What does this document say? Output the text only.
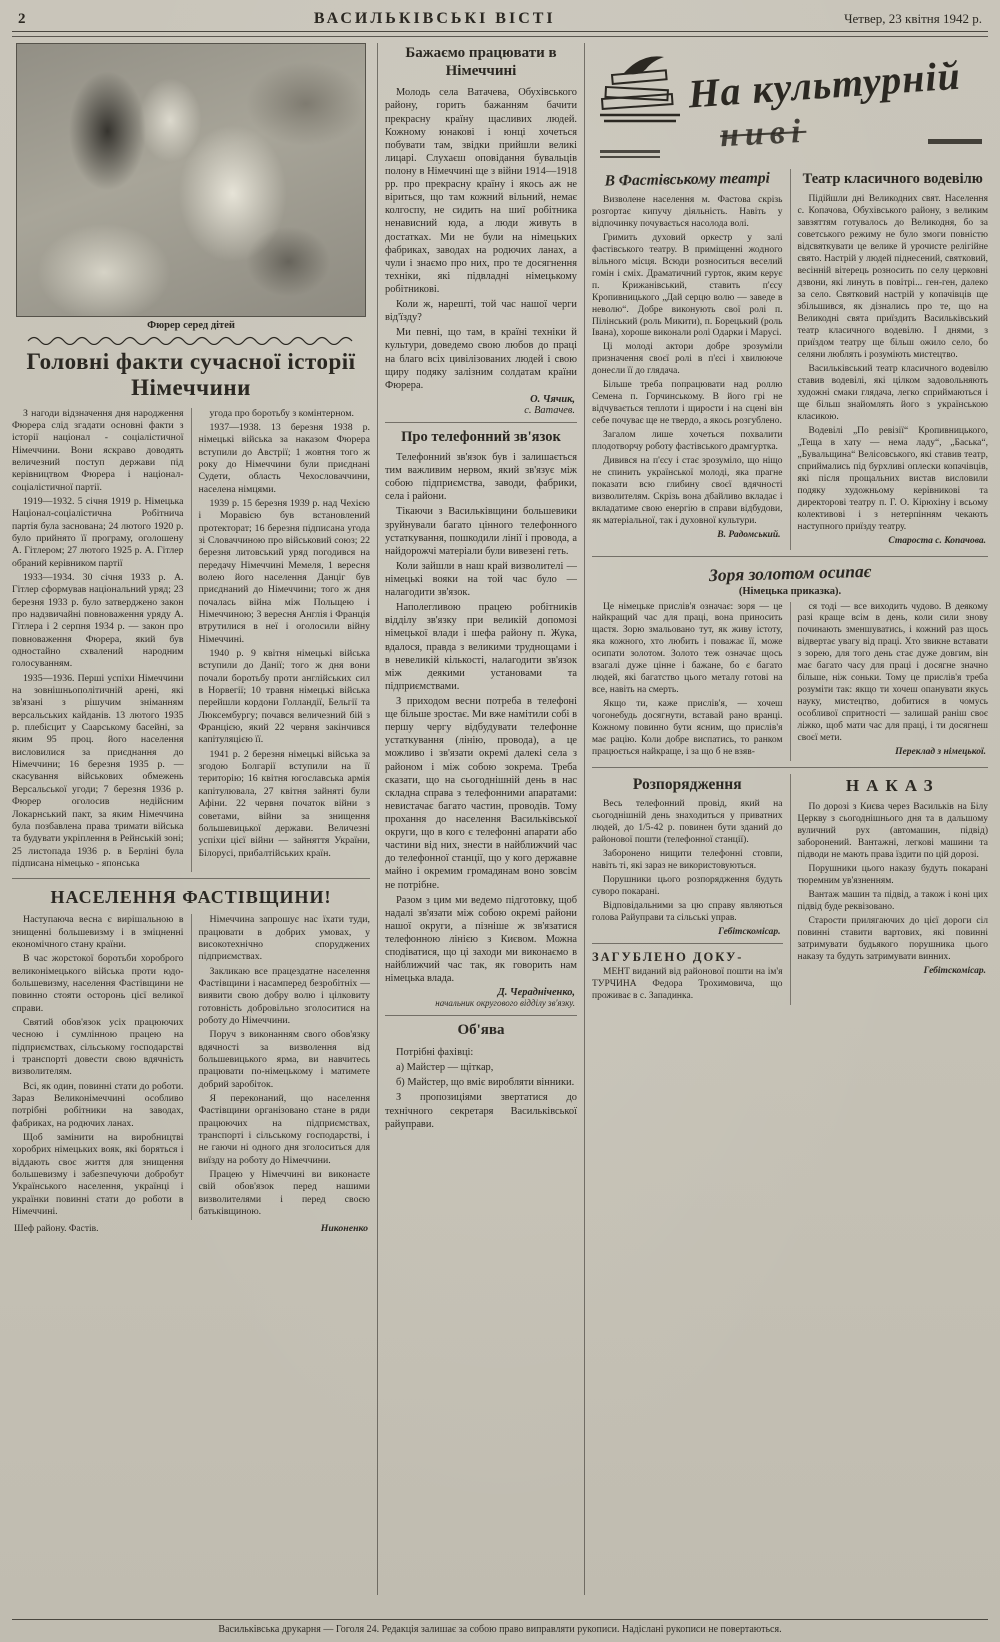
2	ВАСИЛЬКІВСЬКІ ВІСТІ	Четвер, 23 квітня 1942 р.
Фюрер серед дітей
Головні факти сучасної історії Німеччини

З нагоди відзначення дня народження Фюрера слід згадати основні факти з історії націонал - соціалістичної Німеччини. Вони яскраво доводять величезний поступ держави під керівництвом Фюрера і націонал-соціалістичної партії.

1919—1932. 5 січня 1919 р. Німецька Націонал-соціалістична Робітнича партія була заснована; 24 лютого 1920 р. було прийнято її програму, оголошену А. Гітлером; 27 лютого 1925 р. А. Гітлер обраний керівником партії

1933—1934. 30 січня 1933 р. А. Гітлер сформував національний уряд; 23 березня 1933 р. було затверджено закон про надзвичайні повноваження уряду А. Гітлера і 2 серпня 1934 р. — закон про повноваження Фюрера, який був одностайно схвалений народним голосуванням.

1935—1936. Перші успіхи Німеччини на зовнішньополітичній арені, які зв'язані з рішучим зніманням версальських кайданів. 13 лютого 1935 р. плебісцит у Саарському басейні, за яким 95 проц. його населення висловилися за приєднання до Німеччини; 16 березня 1935 р. — скасування військових обмежень Версальської угоди; 7 березня 1936 р. Фюрер оголосив недійсним Локарнський пакт, за яким Німеччина була позбавлена права тримати війська та будувати укріплення в Рейнській зоні; 25 листопада 1936 р. в Берліні була підписана німецько - японська

угода про боротьбу з комінтерном.

1937—1938. 13 березня 1938 р. німецькі війська за наказом Фюрера вступили до Австрії; 1 жовтня того ж року до Німеччини були приєднані Судети, область Чехословаччини, населена німцями.

1939 р. 15 березня 1939 р. над Чехією і Моравією був встановлений протекторат; 16 березня підписана угода зі Словаччиною про військовий союз; 22 березня литовський уряд погодився на передачу Німеччині Мемеля, 1 вересня волею його населення Данціг був приєднаний до Німеччини; того ж дня почалась війна між Польщею і Німеччиною; 3 вересня Англія і Франція втрутилися в неї і оголосили війну Німеччині.

1940 р. 9 квітня німецькі війська вступили до Данії; того ж дня вони почали боротьбу проти англійських сил в Норвегії; 10 травня німецькі війська перейшли кордони Голландії, Бельгії та Люксембургу; почався величезний бій з Францією, який 22 червня закінчився капітуляцією її.

1941 р. 2 березня німецькі війська за згодою Болгарії вступили на її територію; 16 квітня югославська армія капітулювала, 27 квітня зайняті були Афіни. 22 червня початок війни з советами, війни за знищення большевицької держави. Величезні успіхи цієї війни — зайняття України, Білорусі, прибалтійських країн.

НАСЕЛЕННЯ ФАСТІВЩИНИ!

Наступаюча весна є вирішальною в знищенні большевизму і в зміцненні економічного стану країни.

В час жорстокої боротьби хороброго великонімецького війська проти юдо-большевизму, населення Фастівщини не повинно стояти осторонь цієї великої справи.

Святий обов'язок усіх працюючих чесною і сумлінною працею на підприємствах, сільському господарстві і транспорті довести свою вдячність визволителям.

Всі, як один, повинні стати до роботи. Зараз Великонімеччині особливо потрібні робітники на заводах, фабриках, на родючих ланах.

Щоб замінити на виробництві хоробрих німецьких вояк, які боряться і віддають своє життя для знищення большевизму і забезпечуючи добробут Українського населення, українці і українки повинні стати до роботи в Німеччині.

Німеччина запрошує нас їхати туди, працювати в добрих умовах, у високотехнічно споруджених підприємствах.

Закликаю все працездатне населення Фастівщини і насамперед безробітніх — виявити свою добру волю і цілковиту готовність добровільно зголоситися на роботу до Німеччини.

Поруч з виконанням свого обов'язку вдячності за визволення від большевицького ярма, ви навчитесь працювати по-німецькому і матимете добрий заробіток.

Я переконаний, що населення Фастівщини організовано стане в ряди працюючих на підприємствах, транспорті і сільському господарстві, і не гаючи ні одного дня зголоситься для виїзду на роботу до Німеччини.

Працею у Німеччині ви виконаєте свій обов'язок перед нашими визволителями і перед своєю батьківщиною.

Шеф району. Фастів.	Никоненко
Бажаємо працювати в Німеччині

Молодь села Ватачева, Обухівського району, горить бажанням бачити прекрасну країну щасливих людей. Кожному юнакові і юнці хочеться побувати там, звідки прийшли великі лицарі. Слухаєш оповідання бувальців полону в Німеччині ще з війни 1914—1918 рр. про прекрасну країну і якось аж не віриться, що там кожний вільний, немає колгоспу, не сидить на шиї робітника ненависний юда, а люди живуть в достатках. Ми не були на німецьких фабриках, заводах на родючих ланах, а чули і знаємо про них, про те досягнення техніки, які підвладні німецькому робітникові.

Коли ж, нарешті, той час нашої черги від'їзду?

Ми певні, що там, в країні техніки й культури, доведемо свою любов до праці на благо всіх цивілізованих людей і свою щиру подяку залізним солдатам країни Фюрера.

О. Чячик,
с. Ватачев.
Про телефонний зв'язок

Телефонний зв'язок був і залишається тим важливим нервом, який зв'язує між собою підприємства, заводи, фабрики, села і райони.

Тікаючи з Васильківщини большевики зруйнували багато цінного телефонного устаткування, пошкодили лінії і провода, а найдорожчі матеріали були вивезені геть.

Коли зайшли в наш край визволителі — німецькі вояки на той час було — налагодити зв'язок.

Наполегливою працею робітників відділу зв'язку при великій допомозі німецької влади і шефа району п. Жука, вдалося, правда з великими труднощами і в невеликій кількості, налагодити зв'язок між деякими установами та підприємствами.

З приходом весни потреба в телефоні ще більше зростає. Ми вже намітили собі в першу чергу відбудувати телефонне устаткування (лінію, провода), а це можливо і зв'язати окремі далекі села з районом і між собою зокрема. Треба сказати, що на сьогоднішній день в нас складна справа з телефонними апаратами: невистачає багато частин, проводів. Тому прохання до населення Васильківської округи, що в кого є телефонні апарати або частини від них, знести в найближчий час до телефонної станції, що у кого державне майно і окремим громадянам воно зовсім не потрібне.

Разом з цим ми ведемо підготовку, щоб надалі зв'язати між собою окремі райони нашої округи, а пізніше ж зв'язатися телефонною лінією з Києвом. Можна сподіватися, що ці заходи ми виконаємо в найближчий час так, як говорить нам німецька влада.

Д. Черадніченко,
начальник округового відділу зв'язку.
Об'ява

Потрібні фахівці:

а) Майстер — щіткар,

б) Майстер, що вміє виробляти вінники.

З пропозиціями звертатися до технічного секретаря Васильківської райуправи.

На культурній
ниві
В Фастівському театрі

Визволене населення м. Фастова скрізь розгортає кипучу діяльність. Навіть у відпочинку почувається насолода волі.

Гримить духовий оркестр у залі фастівського театру. В приміщенні жодного вільного місця. Всюди розноситься веселий гомін і сміх. Драматичний гурток, яким керує п. Крижанівський, ставить п'єсу Кропивницького „Дай серцю волю — заведе в неволю“. Добре виконують свої ролі п. Пілінський (роль Микити), п. Борецький (роль Івана), хороше виконали ролі Одарки і Марусі.

Ці молоді актори добре зрозуміли призначення своєї ролі в п'єсі і хвилююче донесли її до глядача.

Більше треба попрацювати над роллю Семена п. Горчинському. В його грі не відчувається теплоти і щирости і на сцені він себе почуває ще не твердо, а якось розгублено.

Загалом лише хочеться похвалити плодотворчу роботу фастівського драмгуртка.

Дивився на п'єсу і стає зрозуміло, що ніщо не спинить української молоді, яка прагне показати всю глибину своєї вдячності визволителям. Скрізь вона дбайливо вкладає і вкладатиме свою енергію в справи відбудови, як матеріальної, так і духовної культури.

В. Радомський.
Театр класичного водевілю

Підійшли дні Великодних свят. Населення с. Копачова, Обухівського району, з великим завзяттям готувалось до Великодня, бо за советського режиму не було змоги повністю відсвяткувати це велике й урочисте релігійне свято. Настрій у людей піднесений, святковий, весінній вітерець розносить по селу церковні дзвони, які линуть в повітрі... ген-ген, далеко за село. Святковий настрій у копачівців ще збільшився, як дізнались про те, що на Великодні свята приїздить Васильківський театр класичного водевілю. І днями, з приїздом театру ще більш ожило село, бо селяни люблять і розуміють мистецтво.

Васильківський театр класичного водевілю ставив водевілі, які цілком задовольняють художні смаки глядача, легко сприймаються і ще більш знайомлять його з українською класикою.

Водевілі „По ревізії“ Кропивницького, „Теща в хату — нема ладу“, „Баська“, „Бувальщина“ Велісовського, які ставив театр, сприймались під бурхливі оплески копачівців, які після прощальних вистав висловили подяку художньому керівникові та директорові театру п. Г. О. Кірюхіну і всьому колективові і з нетерпінням чекають наступного приїзду театру.

Староста с. Копачова.
Зоря золотом осипає
(Німецька приказка).

Це німецьке прислів'я означає: зоря — це найкращий час для праці, вона приносить щастя. Зорю змальовано тут, як живу істоту, яка кожного, хто любить і поважає її, може осипати золотом. Золото теж означає щось взагалі дуже цінне і бажане, бо є багато людей, які багатство цього металу готові на все, навіть на смерть.

Якщо ти, каже прислів'я, — хочеш чогонебудь досягнути, вставай рано вранці. Кожному повинно бути ясним, що прислів'я має рацію. Коли добре виспатись, то ранком працюється найкраще, і за що б не взяв-

ся тоді — все виходить чудово. В деякому разі краще всім в день, коли сили знову починають зменшуватись, і кожний раз щось відвертає увагу від праці. Хто звикне вставати з зорею, для того день стає дуже довгим, він має багато часу для праці і досягне значно більше, ніж соньки. Тому це прислів'я треба розуміти так: якщо ти хочеш опанувати якусь науку, мистецтво, добитися в чомусь особливої спритності — залишай раніш своє ліжко, щоб мати час для праці, і ти досягнеш своєї мети.

Переклад з німецької.
Розпорядження

Весь телефонний провід, який на сьогоднішній день знаходиться у приватних людей, до 1/5-42 р. повинен бути зданий до районової пошти (телефонної станції).

Заборонено нищити телефонні стовпи, навіть ті, які зараз не використовуються.

Порушники цього розпорядження будуть суворо покарані.

Відповідальними за цю справу являються голова Райуправи та сільські управ.

Гебітскомісар.
ЗАГУБЛЕНО ДОКУ-

МЕНТ виданий від районової пошти на ім'я ТУРЧИНА Федора Трохимовича, що проживає в с. Западинка.

НАКАЗ

По дорозі з Києва через Васильків на Білу Церкву з сьогоднішнього дня та в дальшому вуличний рух (автомашин, підвід) заборонений. Вантажні, легкові машини та підводи не мають права їздити по цій дорозі.

Порушники цього наказу будуть покарані тюремним ув'язненням.

Вантаж машин та підвід, а також і коні цих підвід буде реквізовано.

Старости прилягаючих до цієї дороги сіл повинні ставити вартових, які повинні затримувати будьякого порушника цього наказу та будуть затримувати винних.

Гебітскомісар.
Васильківська друкарня — Гоголя 24. Редакція залишає за собою право виправляти рукописи. Надіслані рукописи не повертаються.
